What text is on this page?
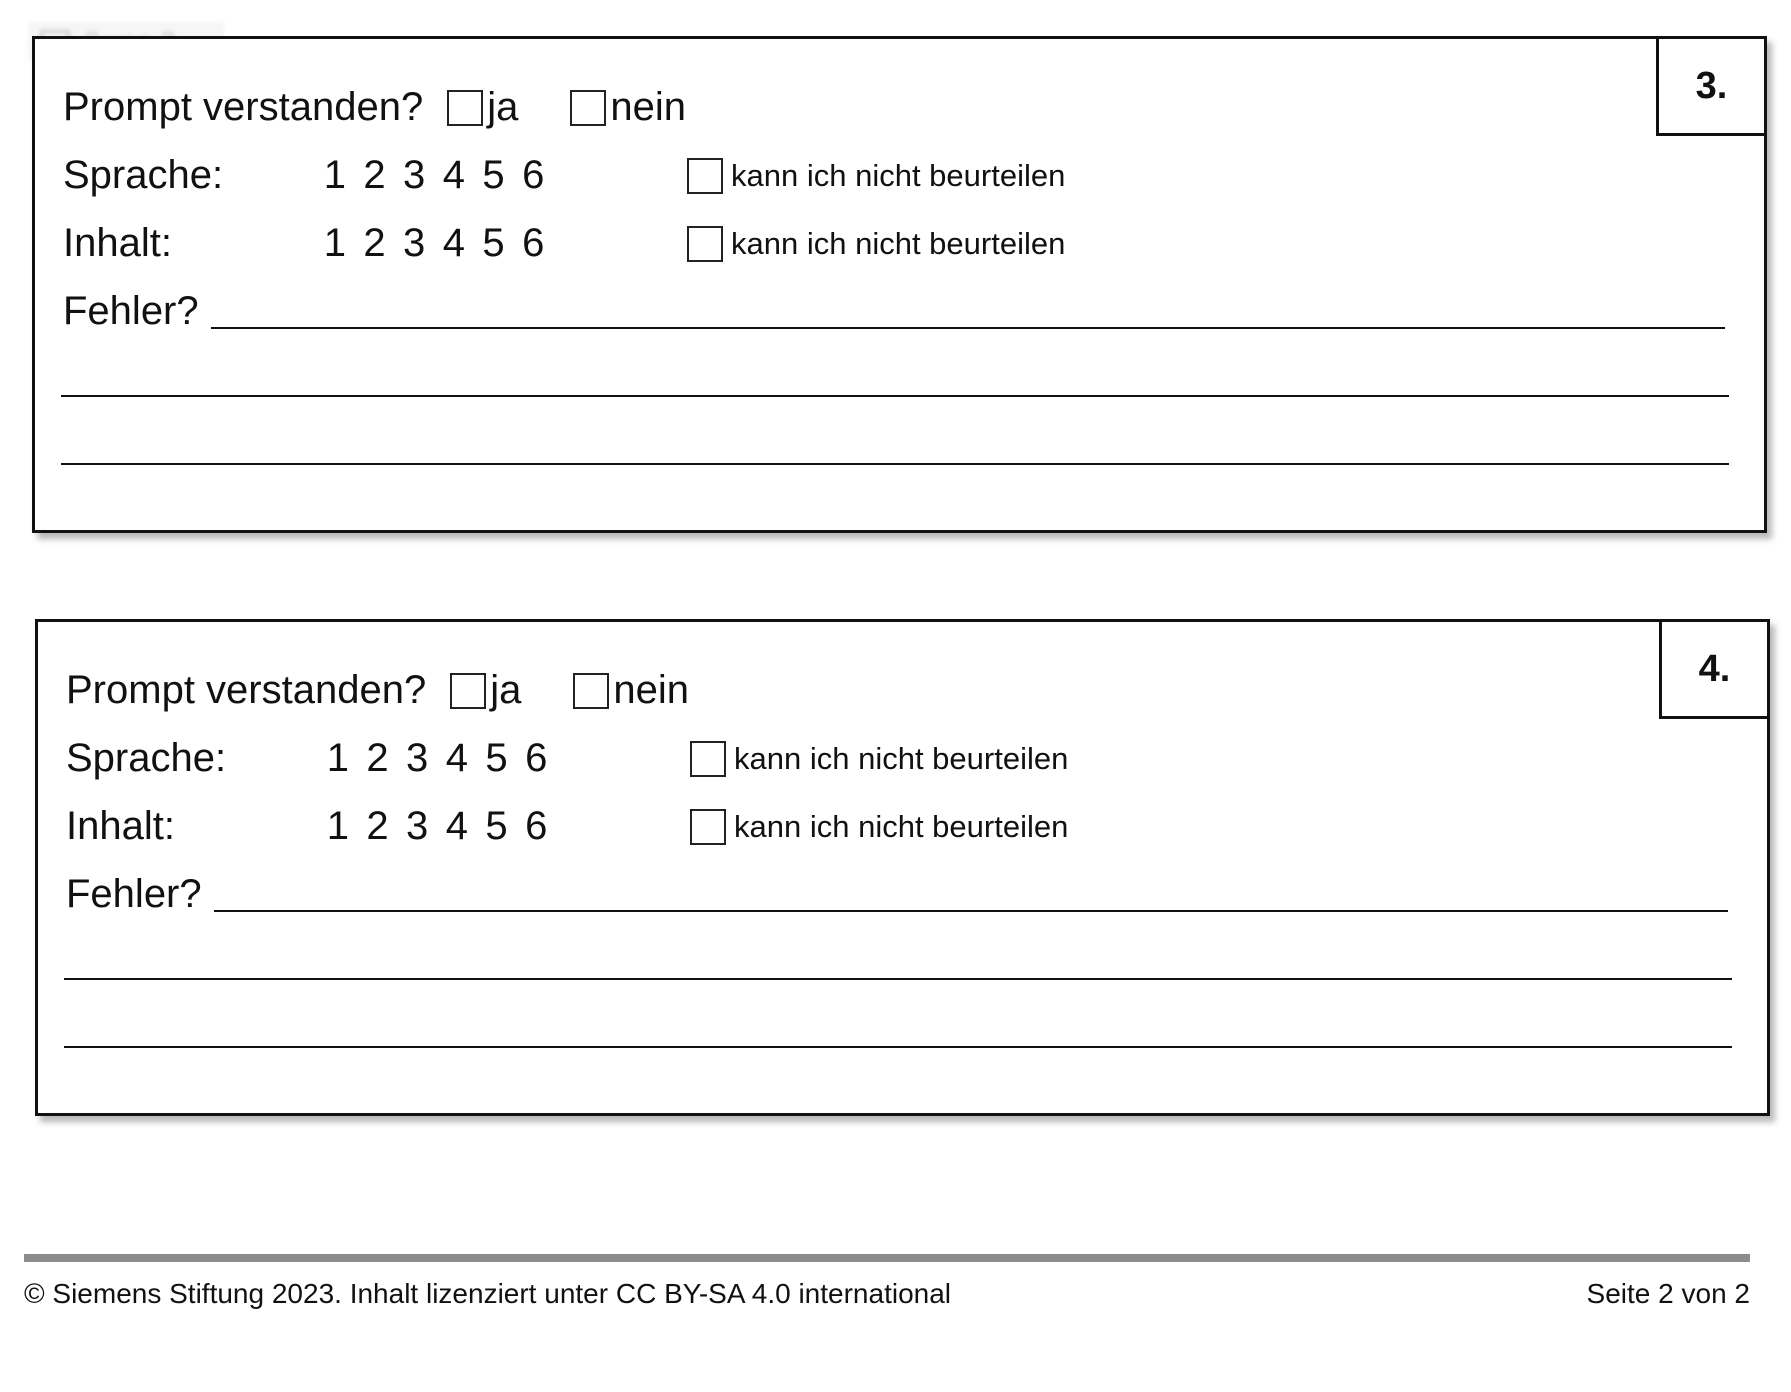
3.
Prompt verstanden? ja nein
Sprache:	1 2 3 4 5 6	kann ich nicht beurteilen
Inhalt:	1 2 3 4 5 6	kann ich nicht beurteilen
Fehler?
4.
Prompt verstanden? ja nein
Sprache:	1 2 3 4 5 6	kann ich nicht beurteilen
Inhalt:	1 2 3 4 5 6	kann ich nicht beurteilen
Fehler?
© Siemens Stiftung 2023. Inhalt lizenziert unter CC BY-SA 4.0 international	Seite 2 von 2
